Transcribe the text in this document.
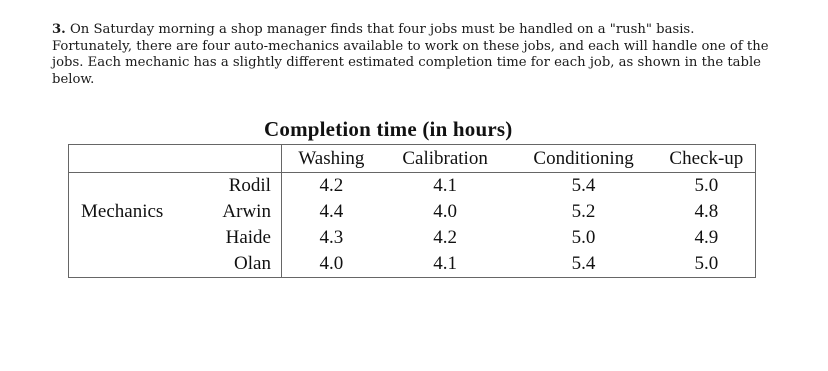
3. On Saturday morning a shop manager finds that four jobs must be handled on a "rush" basis. Fortunately, there are four auto-mechanics available to work on these jobs, and each will handle one of the jobs. Each mechanic has a slightly different estimated completion time for each job, as shown in the table below.
Completion time (in hours)
		Washing	Calibration	Conditioning	Check-up
	Rodil	4.2	4.1	5.4	5.0
Mechanics	Arwin	4.4	4.0	5.2	4.8
	Haide	4.3	4.2	5.0	4.9
	Olan	4.0	4.1	5.4	5.0
